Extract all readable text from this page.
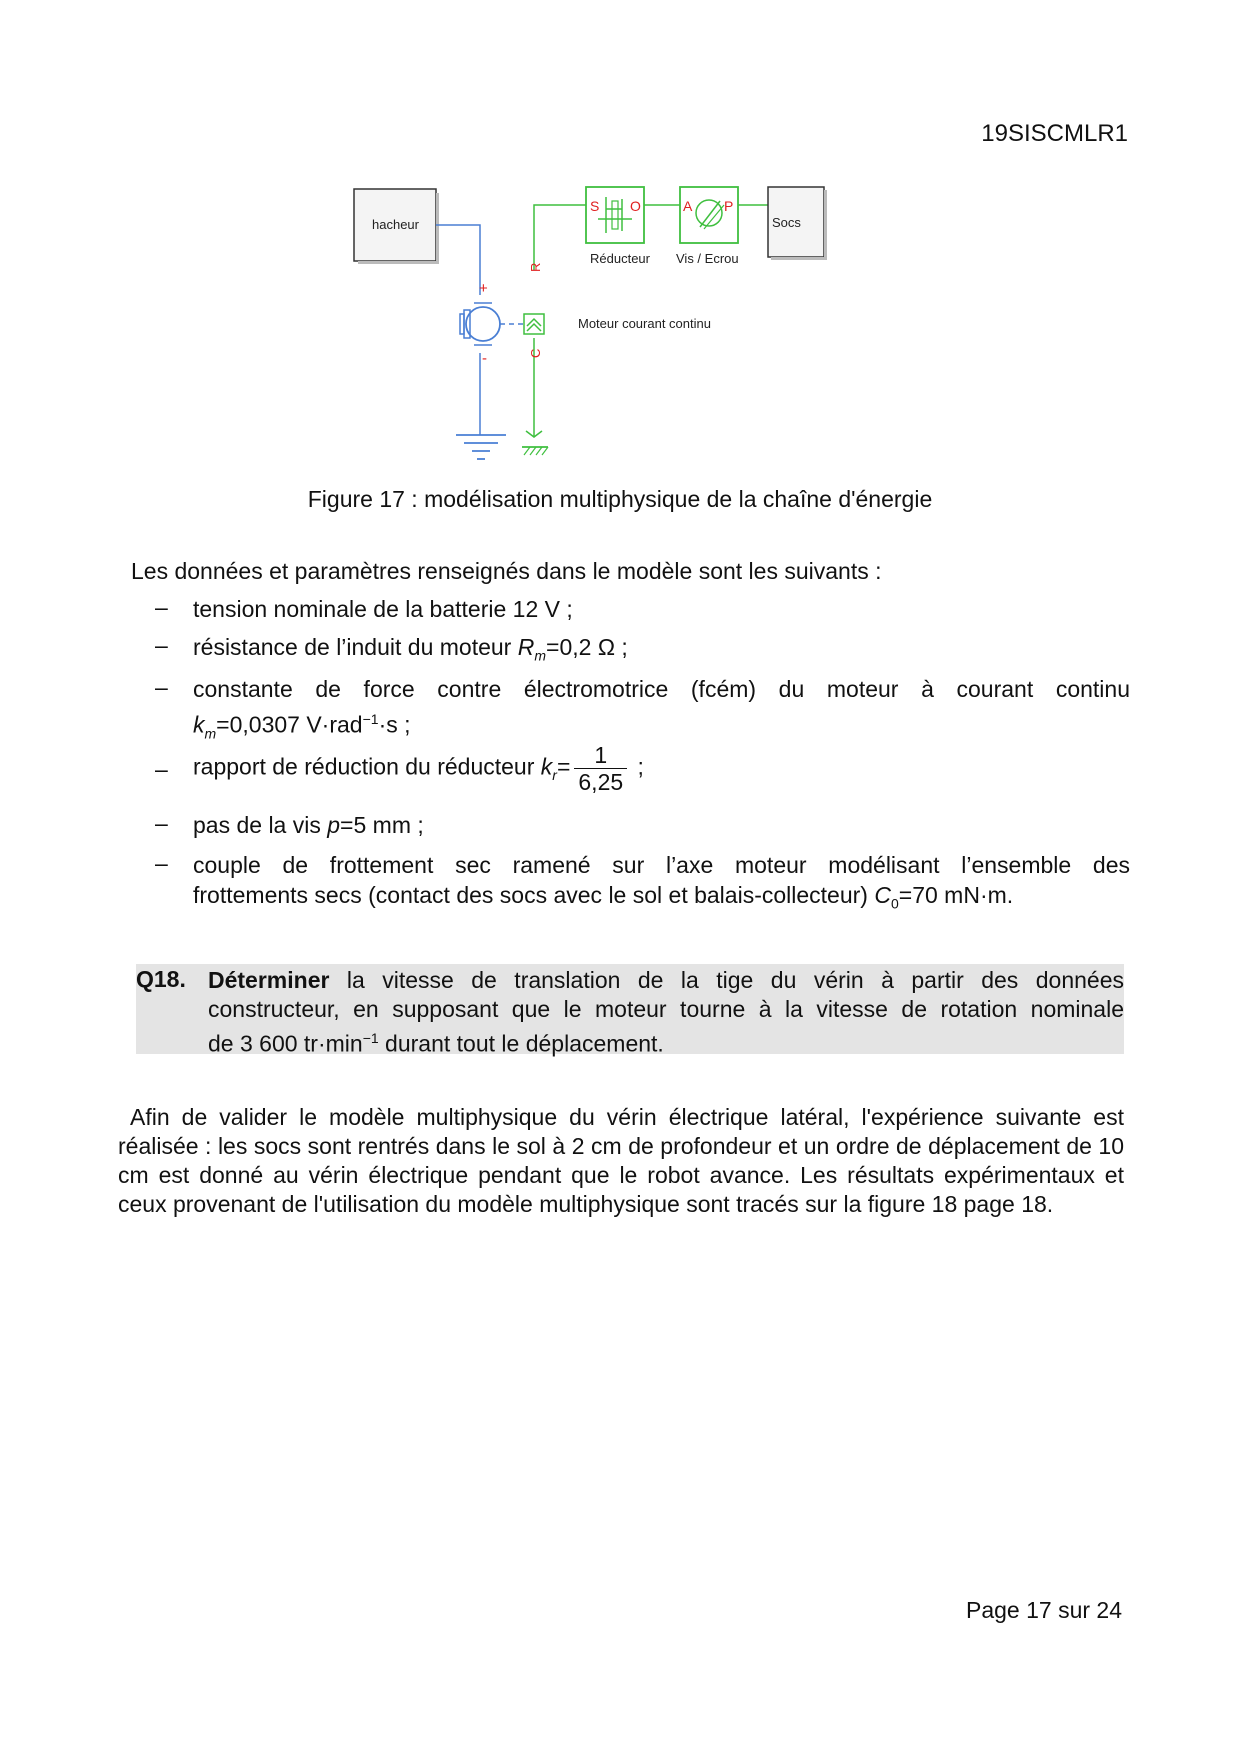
19SISCMLR1
hacheur
+
-
R
C
Moteur courant continu
S O
Réducteur
A P
Vis / Ecrou
Socs
Figure 17 : modélisation multiphysique de la chaîne d'énergie
Les données et paramètres renseignés dans le modèle sont les suivants :
–	tension nominale de la batterie 12 V ;
–	résistance de l’induit du moteur $R_m=0,2$ Ω ;
–	constante de force contre électromotrice (fcém) du moteur à courant continu
$k_m=0,0307$ V·rad$^{-1}$·s ;
–	rapport de réduction du réducteur $k_r= \frac{1}{6,25}$ ;
–	pas de la vis p=5 mm ;
–	couple de frottement sec ramené sur l’axe moteur modélisant l’ensemble des
frottements secs (contact des socs avec le sol et balais-collecteur) $C_0=70$ mN·m.
Q18. Déterminer la vitesse de translation de la tige du vérin à partir des données
constructeur, en supposant que le moteur tourne à la vitesse de rotation nominale
de 3 600 $tr\cdot\min^{-1}$ durant tout le déplacement.
Afin de valider le modèle multiphysique du vérin électrique latéral, l'expérience suivante est réalisée : les socs sont rentrés dans le sol à 2 cm de profondeur et un ordre de déplacement de 10 cm est donné au vérin électrique pendant que le robot avance. Les résultats expérimentaux et ceux provenant de l'utilisation du modèle multiphysique sont tracés sur la figure 18 page 18.
Page 17 sur 24
